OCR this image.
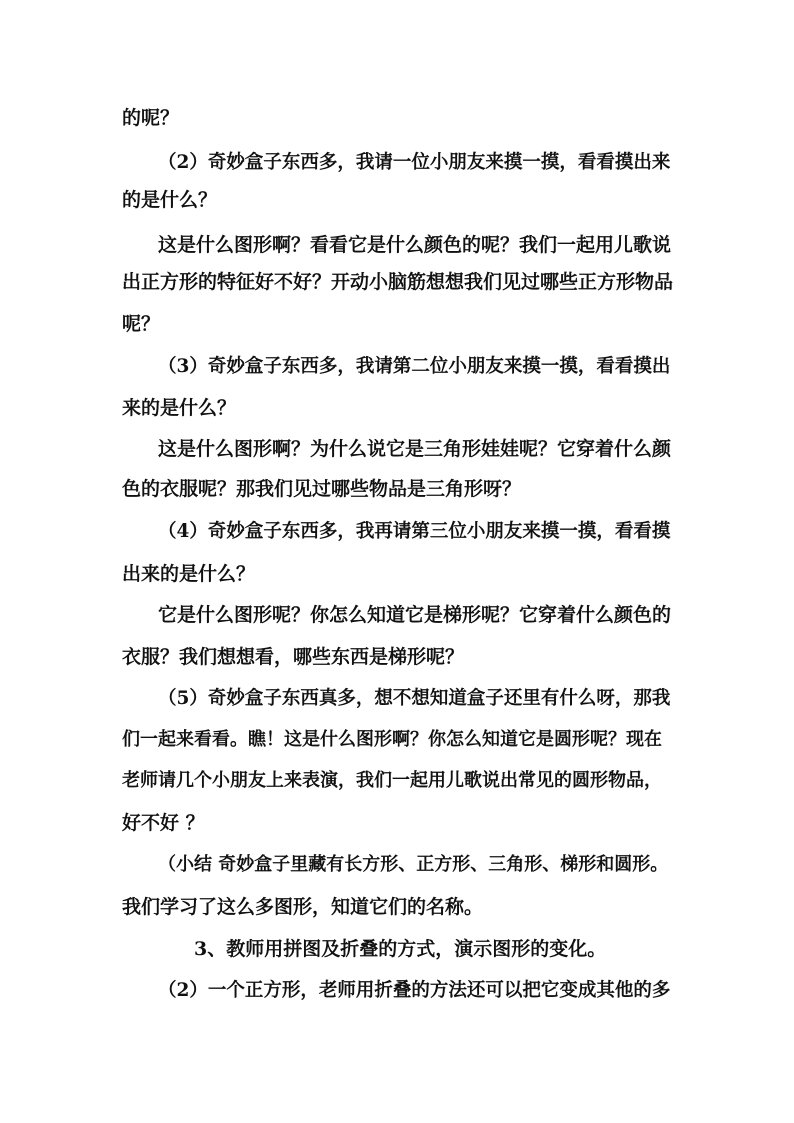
的呢？
（2）奇妙盒子东西多，我请一位小朋友来摸一摸，看看摸出来
的是什么？
这是什么图形啊？看看它是什么颜色的呢？我们一起用儿歌说
出正方形的特征好不好？开动小脑筋想想我们见过哪些正方形物品
呢？
（3）奇妙盒子东西多，我请第二位小朋友来摸一摸，看看摸出
来的是什么？
这是什么图形啊？为什么说它是三角形娃娃呢？它穿着什么颜
色的衣服呢？那我们见过哪些物品是三角形呀？
（4）奇妙盒子东西多，我再请第三位小朋友来摸一摸，看看摸
出来的是什么？
它是什么图形呢？你怎么知道它是梯形呢？它穿着什么颜色的
衣服？我们想想看，哪些东西是梯形呢？
（5）奇妙盒子东西真多，想不想知道盒子还里有什么呀，那我
们一起来看看。瞧！这是什么图形啊？你怎么知道它是圆形呢？现在
老师请几个小朋友上来表演，我们一起用儿歌说出常见的圆形物品，
好不好 ？
（小结 奇妙盒子里藏有长方形、正方形、三角形、梯形和圆形。
我们学习了这么多图形，知道它们的名称。
3、教师用拼图及折叠的方式，演示图形的变化。
（2）一个正方形，老师用折叠的方法还可以把它变成其他的多
